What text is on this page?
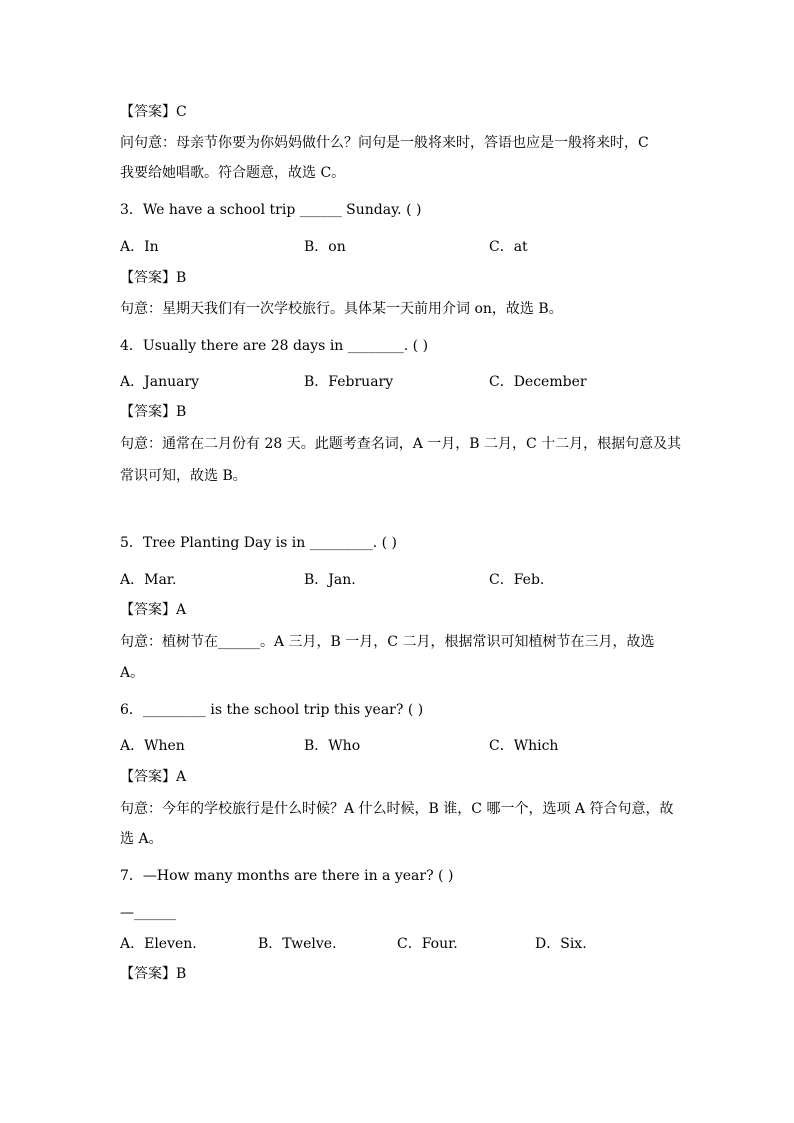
【答案】C
问句意：母亲节你要为你妈妈做什么？问句是一般将来时，答语也应是一般将来时，C
我要给她唱歌。符合题意，故选 C。
3．We have a school trip ______ Sunday. ( )
A．In	B．on	C．at
【答案】B
句意：星期天我们有一次学校旅行。具体某一天前用介词 on，故选 B。
4．Usually there are 28 days in ________. ( )
A．January	B．February	C．December
【答案】B
句意：通常在二月份有 28 天。此题考查名词，A 一月，B 二月，C 十二月，根据句意及其
常识可知，故选 B。
5．Tree Planting Day is in _________. ( )
A．Mar.	B．Jan.	C．Feb.
【答案】A
句意：植树节在______。A 三月，B 一月，C 二月，根据常识可知植树节在三月，故选
A。
6．_________ is the school trip this year? ( )
A．When	B．Who	C．Which
【答案】A
句意：今年的学校旅行是什么时候？A 什么时候，B 谁，C 哪一个，选项 A 符合句意，故
选 A。
7．—How many months are there in a year? ( )
—______
A．Eleven.	B．Twelve.	C．Four.	D．Six.
【答案】B
